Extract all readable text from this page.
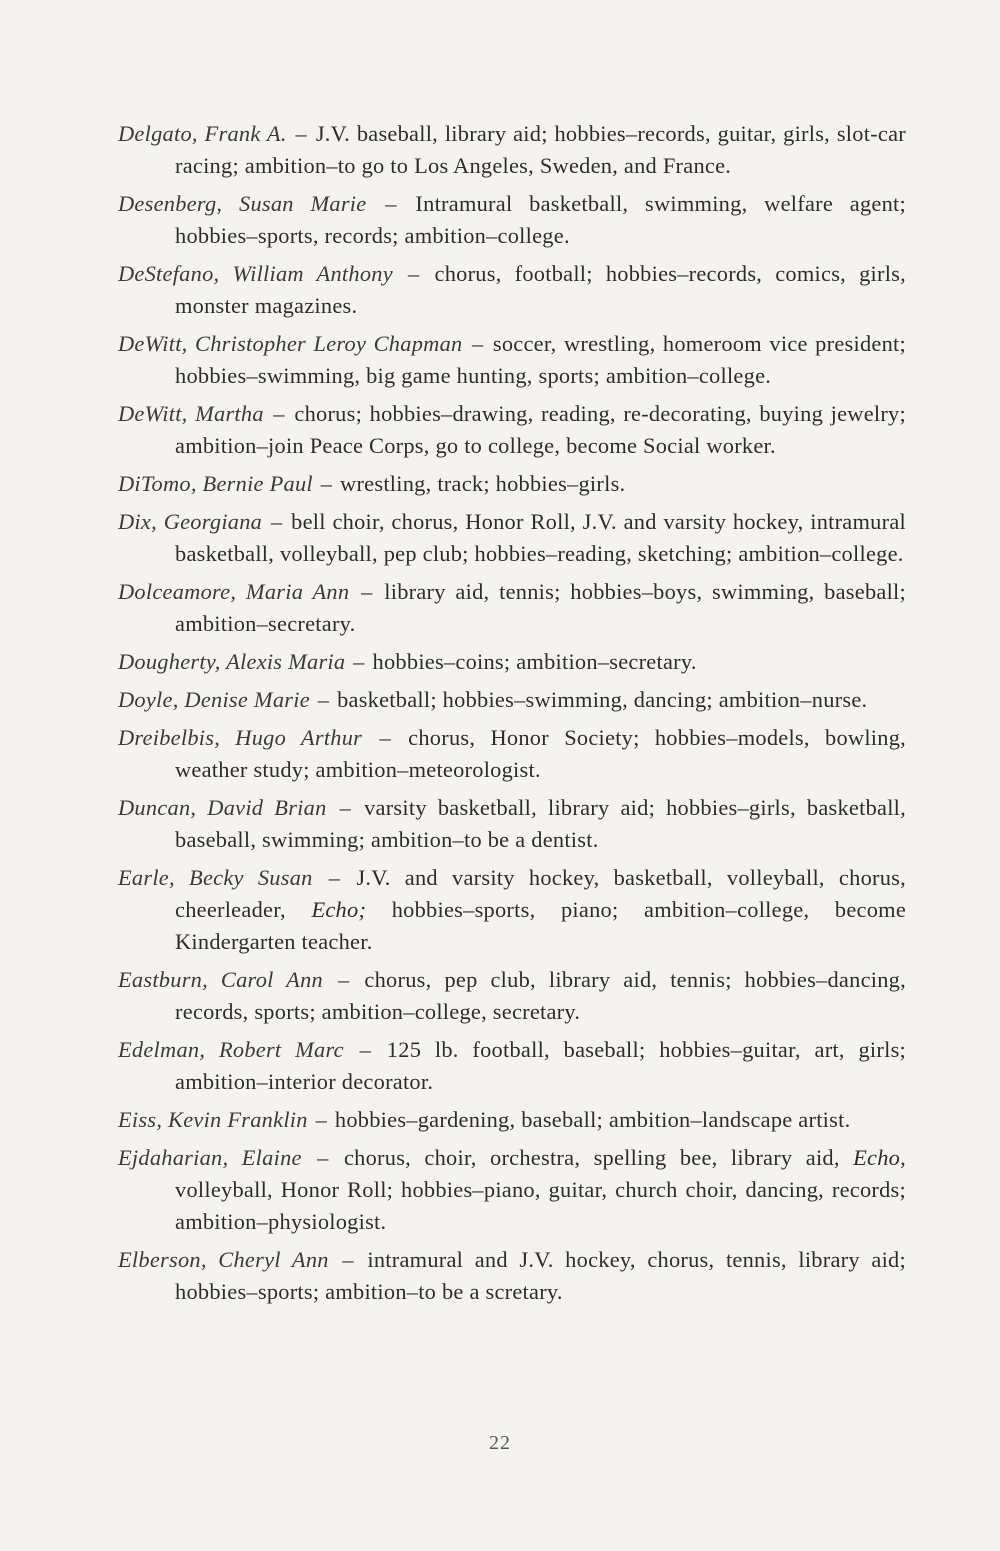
Delgato, Frank A. – J.V. baseball, library aid; hobbies–records, guitar, girls, slot-car racing; ambition–to go to Los Angeles, Sweden, and France.

Desenberg, Susan Marie – Intramural basketball, swimming, welfare agent; hobbies–sports, records; ambition–college.

DeStefano, William Anthony – chorus, football; hobbies–records, comics, girls, monster magazines.

DeWitt, Christopher Leroy Chapman – soccer, wrestling, homeroom vice president; hobbies–swimming, big game hunting, sports; ambition–college.

DeWitt, Martha – chorus; hobbies–drawing, reading, re-decorating, buying jewelry; ambition–join Peace Corps, go to college, become Social worker.

DiTomo, Bernie Paul – wrestling, track; hobbies–girls.

Dix, Georgiana – bell choir, chorus, Honor Roll, J.V. and varsity hockey, intramural basketball, volleyball, pep club; hobbies–reading, sketching; ambition–college.

Dolceamore, Maria Ann – library aid, tennis; hobbies–boys, swimming, baseball; ambition–secretary.

Dougherty, Alexis Maria – hobbies–coins; ambition–secretary.

Doyle, Denise Marie – basketball; hobbies–swimming, dancing; ambition–nurse.

Dreibelbis, Hugo Arthur – chorus, Honor Society; hobbies–models, bowling, weather study; ambition–meteorologist.

Duncan, David Brian – varsity basketball, library aid; hobbies–girls, basketball, baseball, swimming; ambition–to be a dentist.

Earle, Becky Susan – J.V. and varsity hockey, basketball, volleyball, chorus, cheerleader, Echo; hobbies–sports, piano; ambition–college, become Kindergarten teacher.

Eastburn, Carol Ann – chorus, pep club, library aid, tennis; hobbies–dancing, records, sports; ambition–college, secretary.

Edelman, Robert Marc – 125 lb. football, baseball; hobbies–guitar, art, girls; ambition–interior decorator.

Eiss, Kevin Franklin – hobbies–gardening, baseball; ambition–landscape artist.

Ejdaharian, Elaine – chorus, choir, orchestra, spelling bee, library aid, Echo, volleyball, Honor Roll; hobbies–piano, guitar, church choir, dancing, records; ambition–physiologist.

Elberson, Cheryl Ann – intramural and J.V. hockey, chorus, tennis, library aid; hobbies–sports; ambition–to be a scretary.

22
